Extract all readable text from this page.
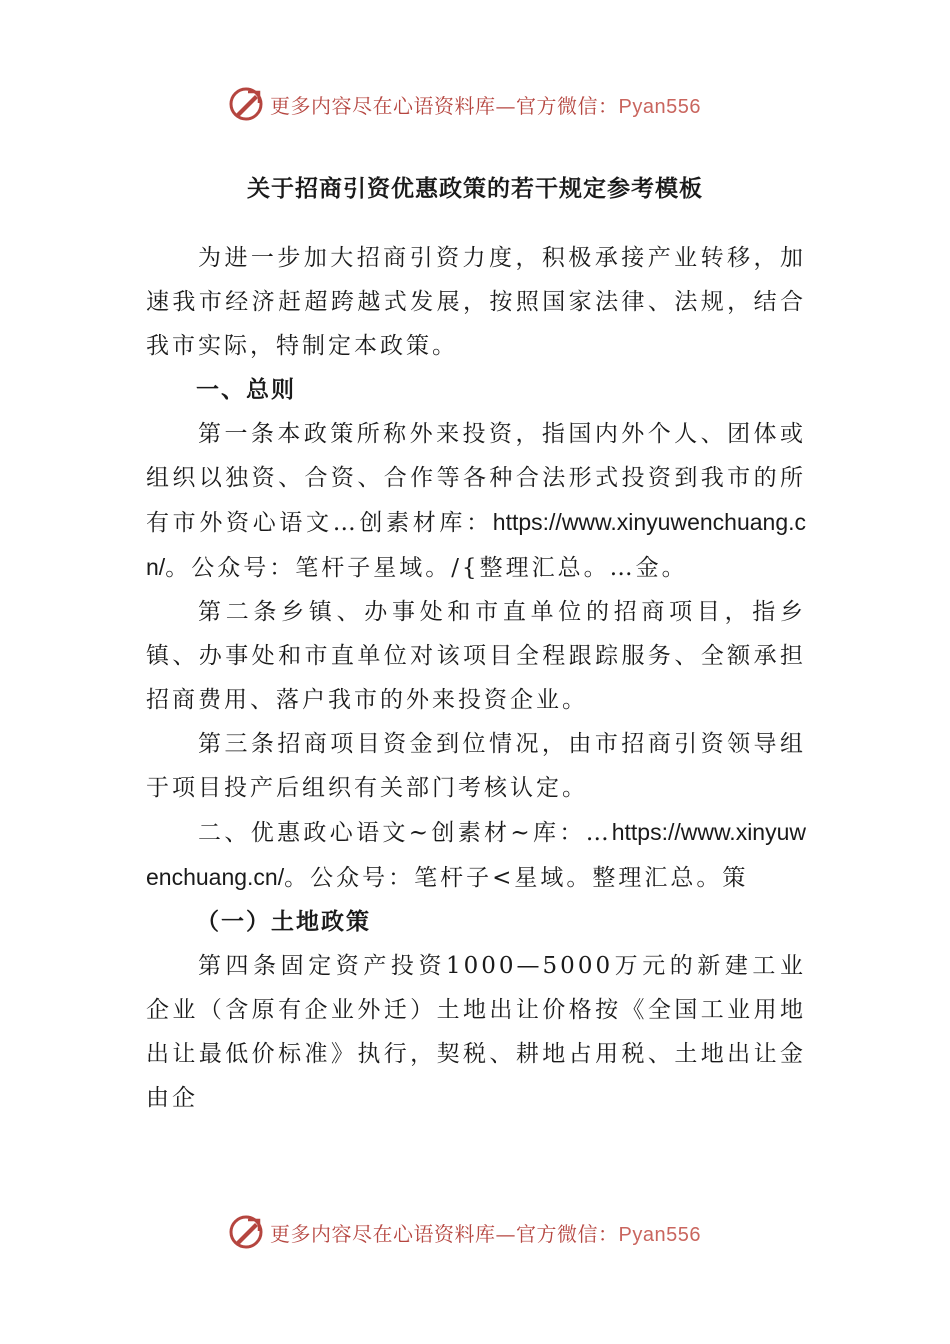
更多内容尽在心语资料库—官方微信：Pyan556
关于招商引资优惠政策的若干规定参考模板

为进一步加大招商引资力度，积极承接产业转移，加速我市经济赶超跨越式发展，按照国家法律、法规，结合我市实际，特制定本政策。

一、总则

第一条本政策所称外来投资，指国内外个人、团体或组织以独资、合资、合作等各种合法形式投资到我市的所有市外资心语文…创素材库：https://www.xinyuwenchuang.cn/。公众号：笔杆子星域。/{整理汇总。…金。

第二条乡镇、办事处和市直单位的招商项目，指乡镇、办事处和市直单位对该项目全程跟踪服务、全额承担招商费用、落户我市的外来投资企业。

第三条招商项目资金到位情况，由市招商引资领导组于项目投产后组织有关部门考核认定。

二、优惠政心语文~创素材~库：…https://www.xinyuwenchuang.cn/。公众号：笔杆子<星域。整理汇总。策

（一）土地政策

第四条固定资产投资1000—5000万元的新建工业企业（含原有企业外迁）土地出让价格按《全国工业用地出让最低价标准》执行，契税、耕地占用税、土地出让金由企

更多内容尽在心语资料库—官方微信：Pyan556
